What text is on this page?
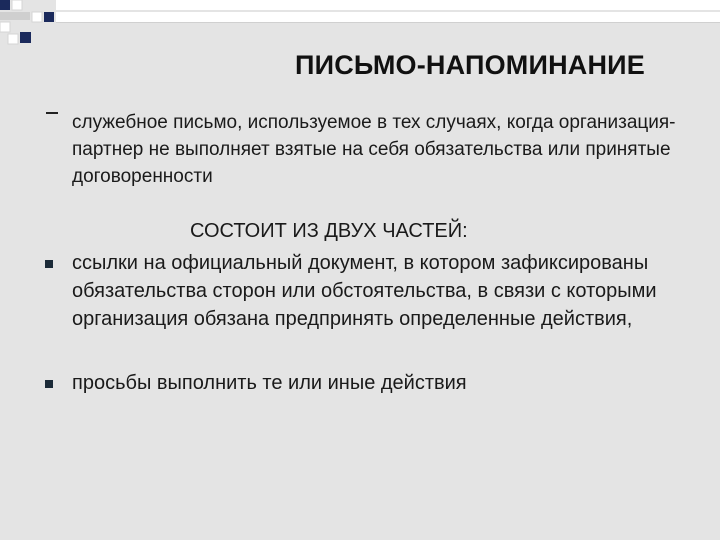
ПИСЬМО-НАПОМИНАНИЕ
служебное письмо, используемое в тех случаях, когда организация-партнер не выполняет взятые на себя обязательства или принятые договоренности
СОСТОИТ ИЗ ДВУХ ЧАСТЕЙ:
ссылки на официальный документ, в котором зафиксированы обязательства сторон или обстоятельства, в связи с которыми организация обязана предпринять определенные действия,
просьбы выполнить те или иные действия
